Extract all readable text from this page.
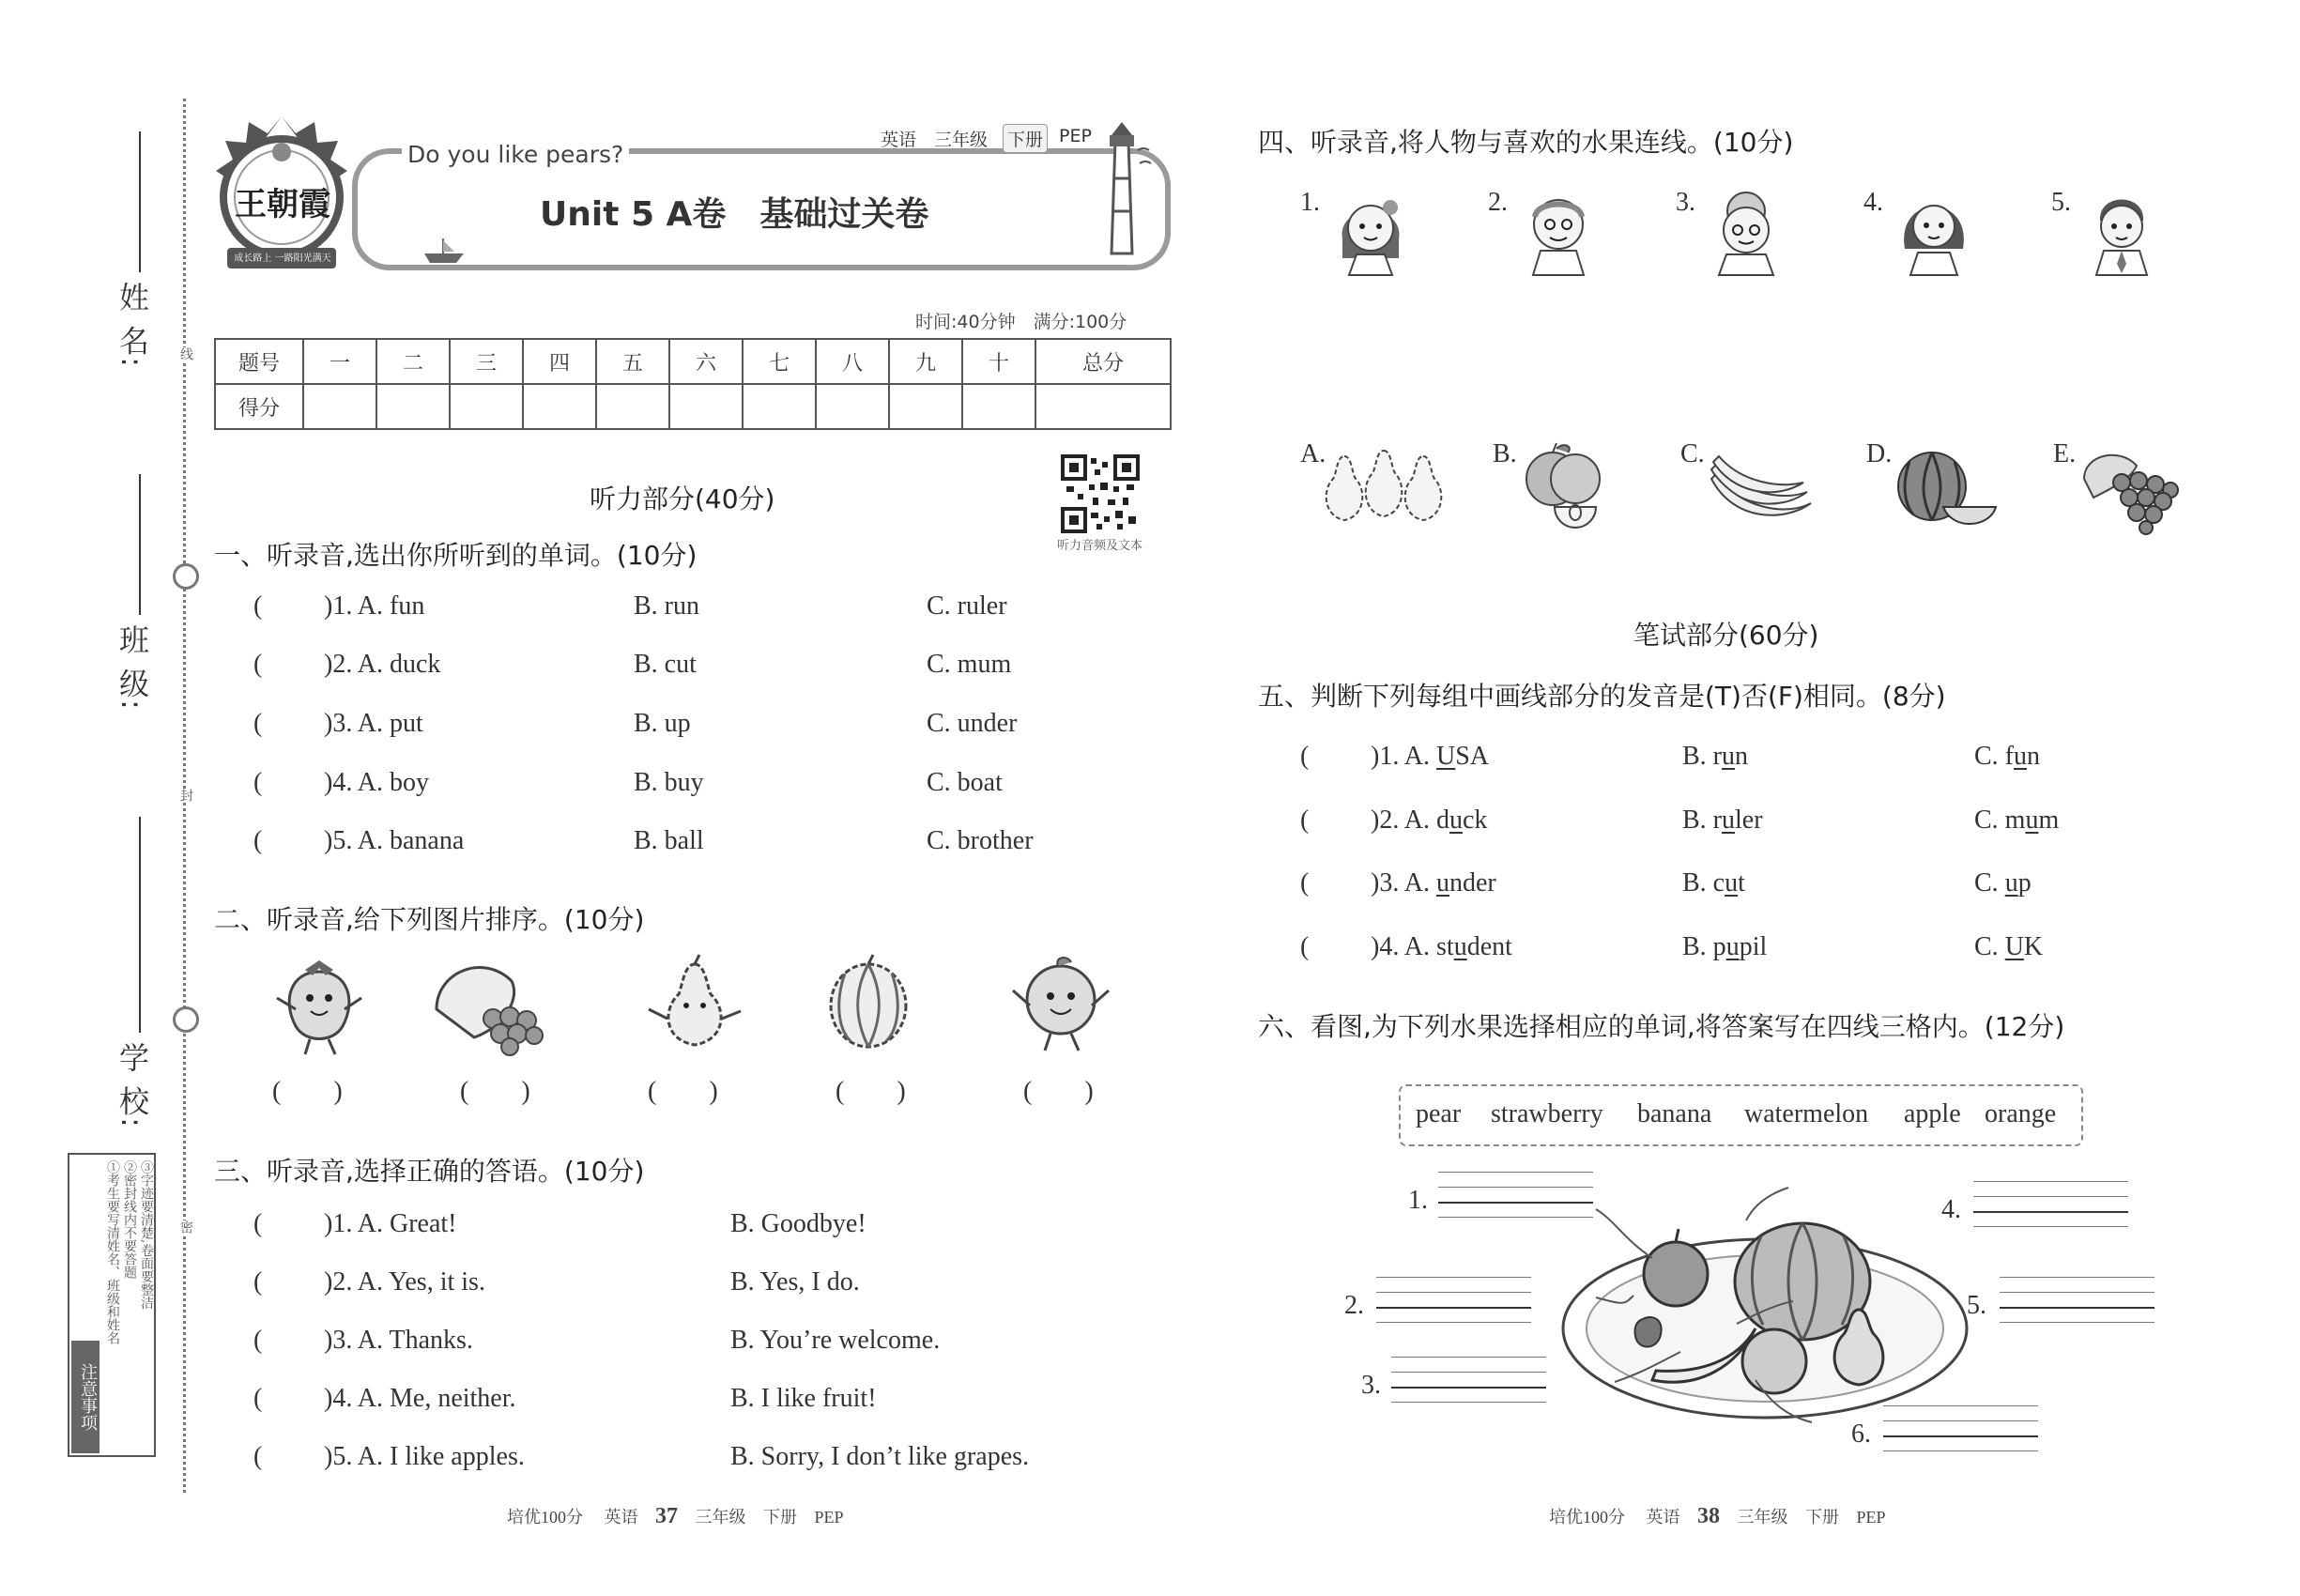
姓 名:
班 级:
学 校:
线
封
密
注意事项
①考生要写清姓名、班级和姓名 ②密封线内不要答题 ③字迹要清楚,卷面要整洁
王朝霞
成长路上 一路阳光满天
Do you like pears?
Unit 5 A卷　基础过关卷
英语 三年级 下册 PEP
时间:40分钟　满分:100分
题号	一	二	三	四	五	六	七	八	九	十	总分
得分											
听力音频及文本
听力部分(40分)
一、听录音,选出你所听到的单词。(10分)
( )1. A. fun	B. run	C. ruler
( )2. A. duck	B. cut	C. mum
( )3. A. put	B. up	C. under
( )4. A. boy	B. buy	C. boat
( )5. A. banana	B. ball	C. brother
二、听录音,给下列图片排序。(10分)
(　　)	(　　)	(　　)	(　　)	(　　)
三、听录音,选择正确的答语。(10分)
( )1. A. Great!	B. Goodbye!
( )2. A. Yes, it is.	B. Yes, I do.
( )3. A. Thanks.	B. You’re welcome.
( )4. A. Me, neither.	B. I like fruit!
( )5. A. I like apples.	B. Sorry, I don’t like grapes.
培优100分 英语 37 三年级 下册 PEP
四、听录音,将人物与喜欢的水果连线。(10分)
1.	2.	3.	4.	5.
A.	B.	C.	D.	E.
笔试部分(60分)
五、判断下列每组中画线部分的发音是(T)否(F)相同。(8分)
( )1. A. USA	B. run	C. fun
( )2. A. duck	B. ruler	C. mum
( )3. A. under	B. cut	C. up
( )4. A. student	B. pupil	C. UK
六、看图,为下列水果选择相应的单词,将答案写在四线三格内。(12分)
pear strawberry banana watermelon apple orange
1.
2.
3.
4.
5.
6.
培优100分 英语 38 三年级 下册 PEP
